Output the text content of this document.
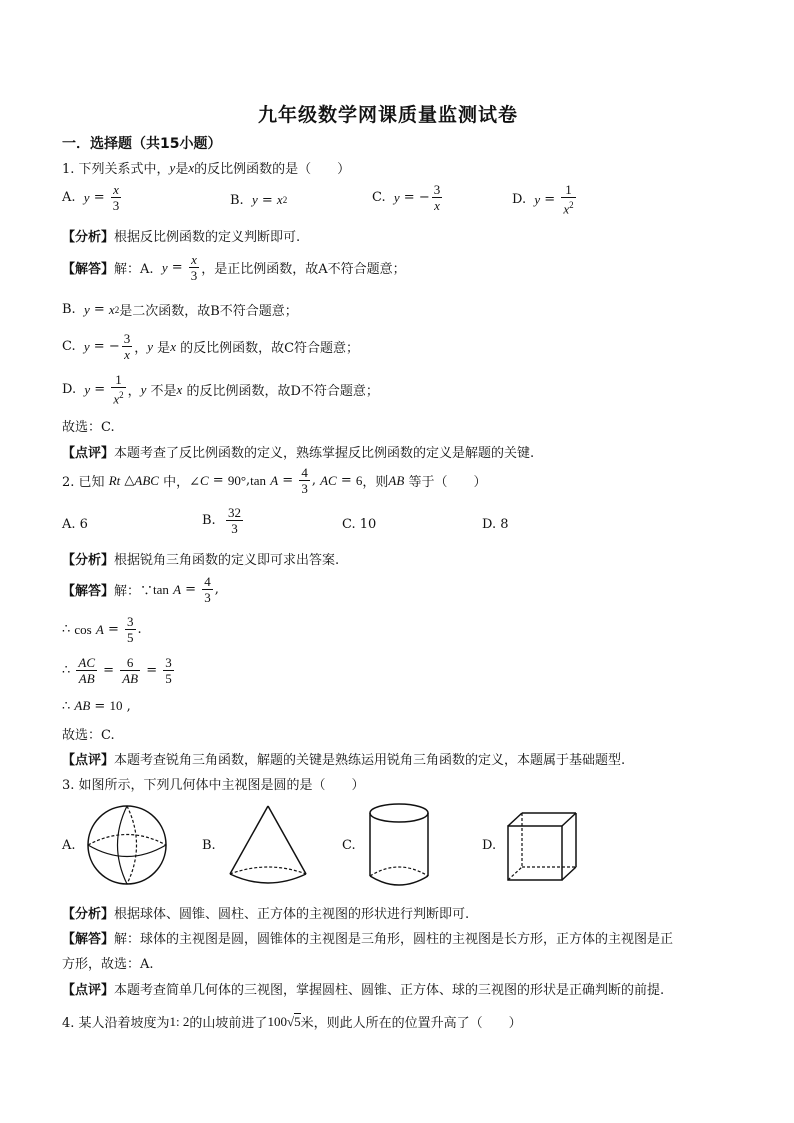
九年级数学网课质量监测试卷
一．选择题（共15小题）
1. 下列关系式中， y 是 x 的反比例函数的是（　　）
A.
$y = \frac{x}{3}$	B.
y = x 2	C.
y = − $\frac{3}{x}$	D.
$y = \frac{1}{x^2}$
【分析】根据反比例函数的定义判断即可.
【解答】 解：A.
$y = \frac{x}{3}$ ，是正比例函数，故A不符合题意；
B.
y = x 2 是二次函数，故B不符合题意；
C.
y = − $\frac{3}{x}$ ， y
是 x
的反比例函数，故C符合题意；
D.
$y = \frac{1}{x^2}$ ， y
不是 x
的反比例函数，故D不符合题意；
故选：C.
【点评】本题考查了反比例函数的定义，熟练掌握反比例函数的定义是解题的关键.
2. 已知
Rt △ ABC 中，∠ C = 90° , tan
$A = \frac{4}{3}$ , AC = 6 ，则 AB
等于（　　）
A. 6	B.
$\frac{32}{3}$	C. 10	D. 8
【分析】根据锐角三角函数的定义即可求出答案.
【解答】 解：∵ tan
$A = \frac{4}{3}$ ,
∴ cos
$A = \frac{3}{5}$ .
∴ $\frac{AC}{AB} = \frac{6}{AB} = \frac{3}{5}$
∴ AB = 10 ,
故选：C.
【点评】本题考查锐角三角函数，解题的关键是熟练运用锐角三角函数的定义，本题属于基础题型.
3. 如图所示，下列几何体中主视图是圆的是（　　）
A.	B.	C.	D.
【分析】根据球体、圆锥、圆柱、正方体的主视图的形状进行判断即可.
【解答】解：球体的主视图是圆，圆锥体的主视图是三角形，圆柱的主视图是长方形，正方体的主视图是正
方形，故选：A.
【点评】本题考查简单几何体的三视图，掌握圆柱、圆锥、正方体、球的三视图的形状是正确判断的前提.
4. 某人沿着坡度为 1: 2 的山坡前进了 100 √ 5 米，则此人所在的位置升高了（　　）
